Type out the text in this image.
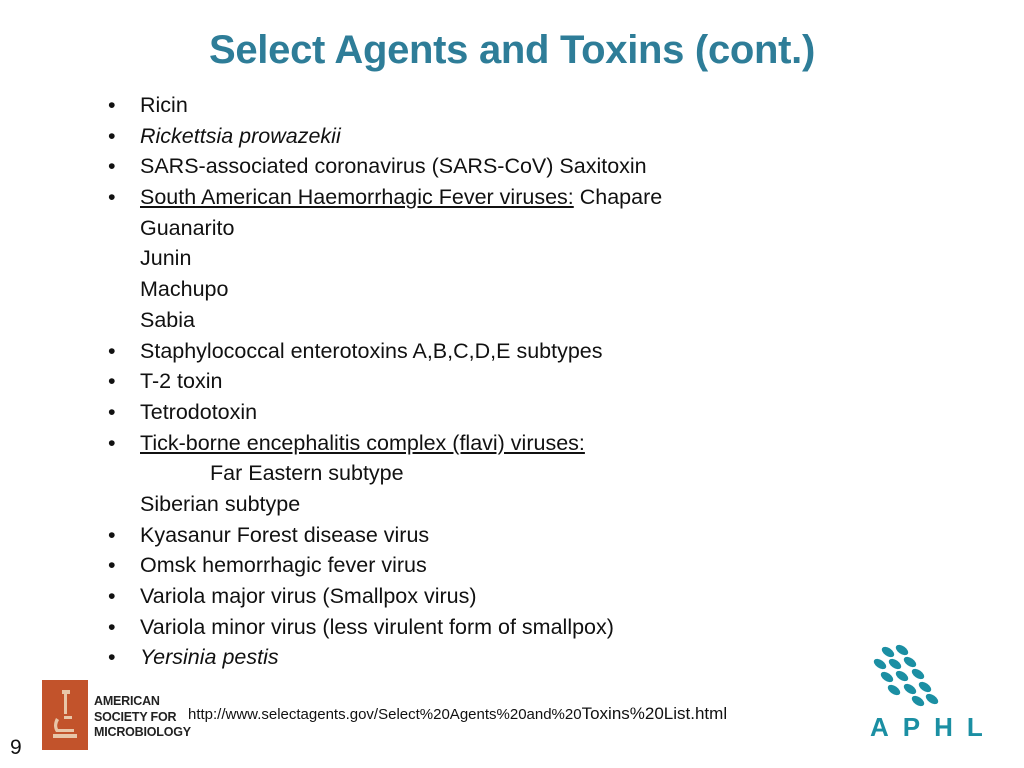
Select Agents and Toxins (cont.)
•	Ricin
•	Rickettsia prowazekii
•	SARS-associated coronavirus (SARS-CoV) Saxitoxin
•	South American Haemorrhagic Fever viruses: Chapare
Guanarito
Junin
Machupo
Sabia
•	Staphylococcal enterotoxins A,B,C,D,E subtypes
•	T-2 toxin
•	Tetrodotoxin
•	Tick-borne encephalitis complex (flavi) viruses:
Far Eastern subtype
Siberian subtype
•	Kyasanur Forest disease virus
•	Omsk hemorrhagic fever virus
•	Variola major virus (Smallpox virus)
•	Variola minor virus (less virulent form of smallpox)
•	Yersinia pestis
AMERICAN
SOCIETY FOR
MICROBIOLOGY
http://www.selectagents.gov/Select%20Agents%20and%20Toxins%20List.html	APHL
9
